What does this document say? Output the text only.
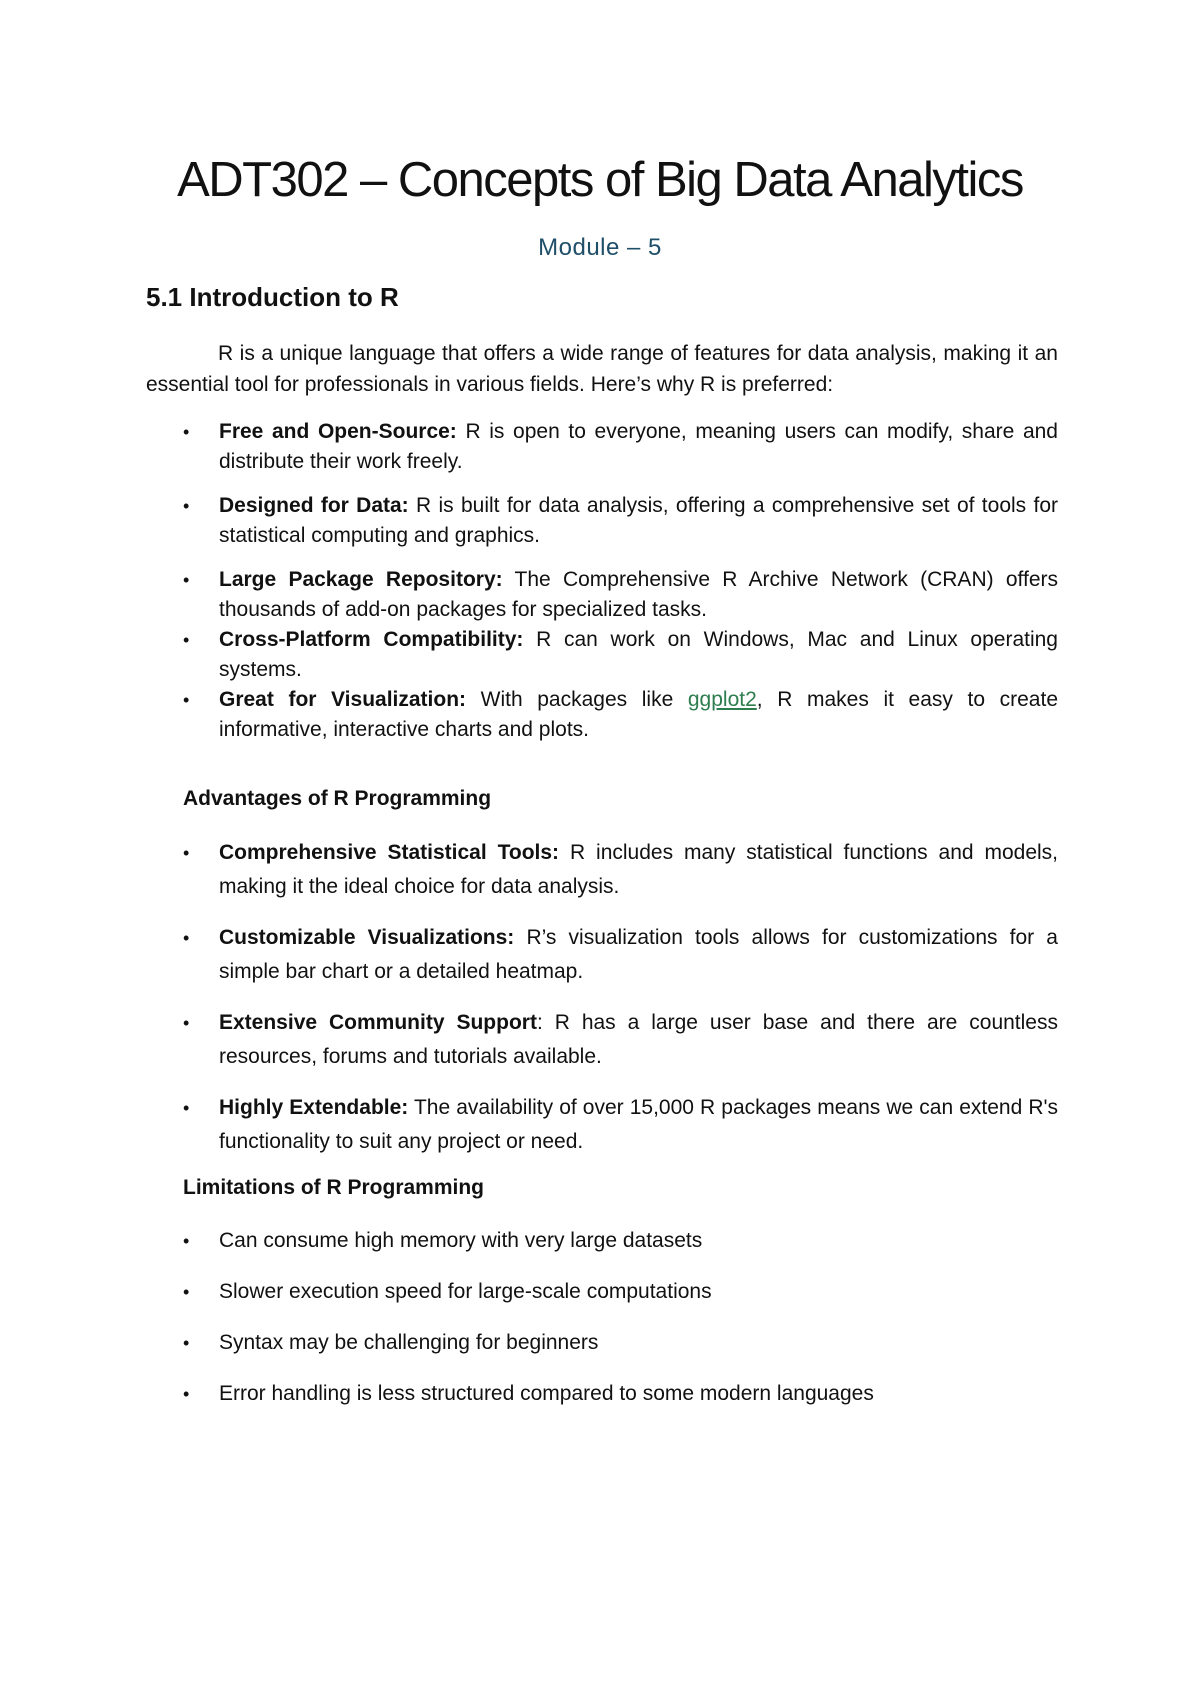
ADT302 – Concepts of Big Data Analytics

Module – 5

5.1 Introduction to R

R is a unique language that offers a wide range of features for data analysis, making it an essential tool for professionals in various fields. Here’s why R is preferred:

• Free and Open-Source: R is open to everyone, meaning users can modify, share and distribute their work freely.
• Designed for Data: R is built for data analysis, offering a comprehensive set of tools for statistical computing and graphics.
• Large Package Repository: The Comprehensive R Archive Network (CRAN) offers thousands of add-on packages for specialized tasks.
• Cross-Platform Compatibility: R can work on Windows, Mac and Linux operating systems.
• Great for Visualization: With packages like ggplot2, R makes it easy to create informative, interactive charts and plots.
Advantages of R Programming
• Comprehensive Statistical Tools: R includes many statistical functions and models, making it the ideal choice for data analysis.
• Customizable Visualizations: R’s visualization tools allows for customizations for a simple bar chart or a detailed heatmap.
• Extensive Community Support: R has a large user base and there are countless resources, forums and tutorials available.
• Highly Extendable: The availability of over 15,000 R packages means we can extend R's functionality to suit any project or need.
Limitations of R Programming
• Can consume high memory with very large datasets
• Slower execution speed for large-scale computations
• Syntax may be challenging for beginners
• Error handling is less structured compared to some modern languages
